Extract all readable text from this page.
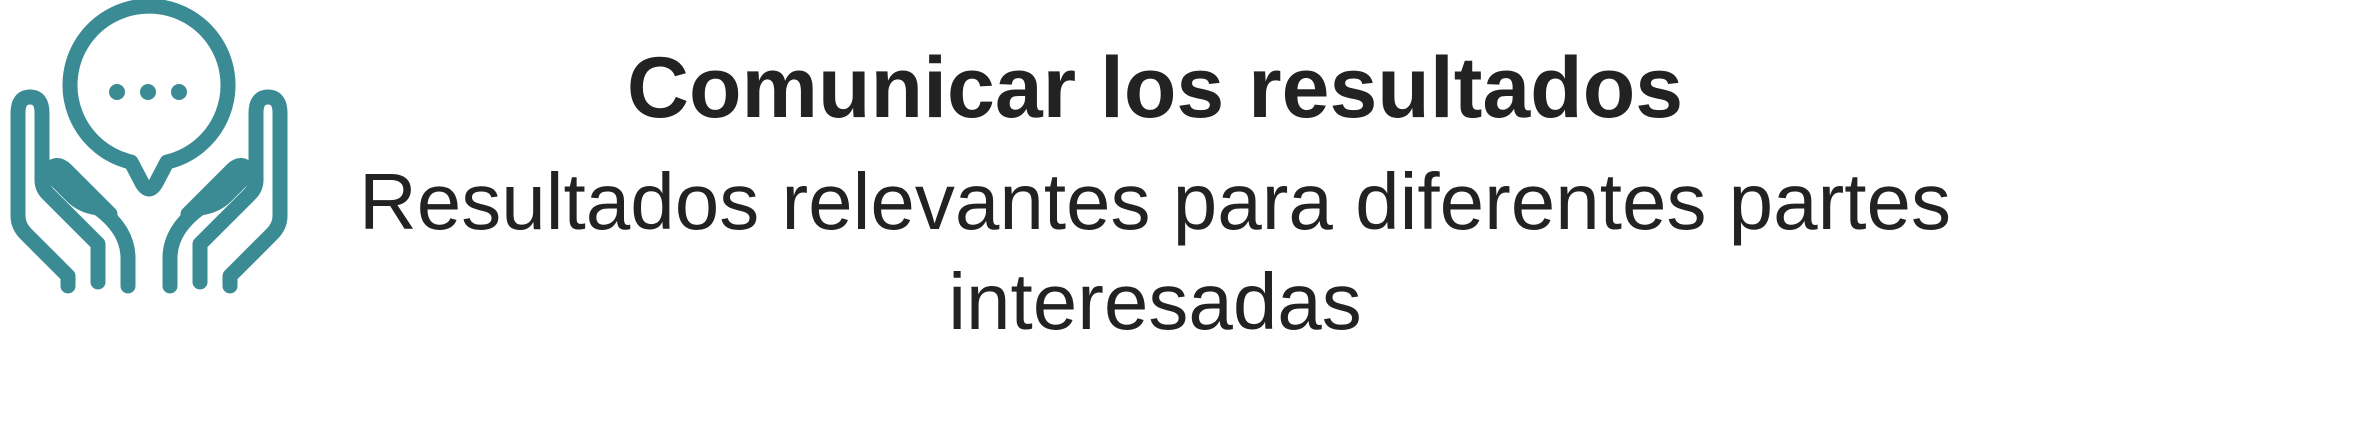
Comunicar los resultados

Resultados relevantes para diferentes partes interesadas
